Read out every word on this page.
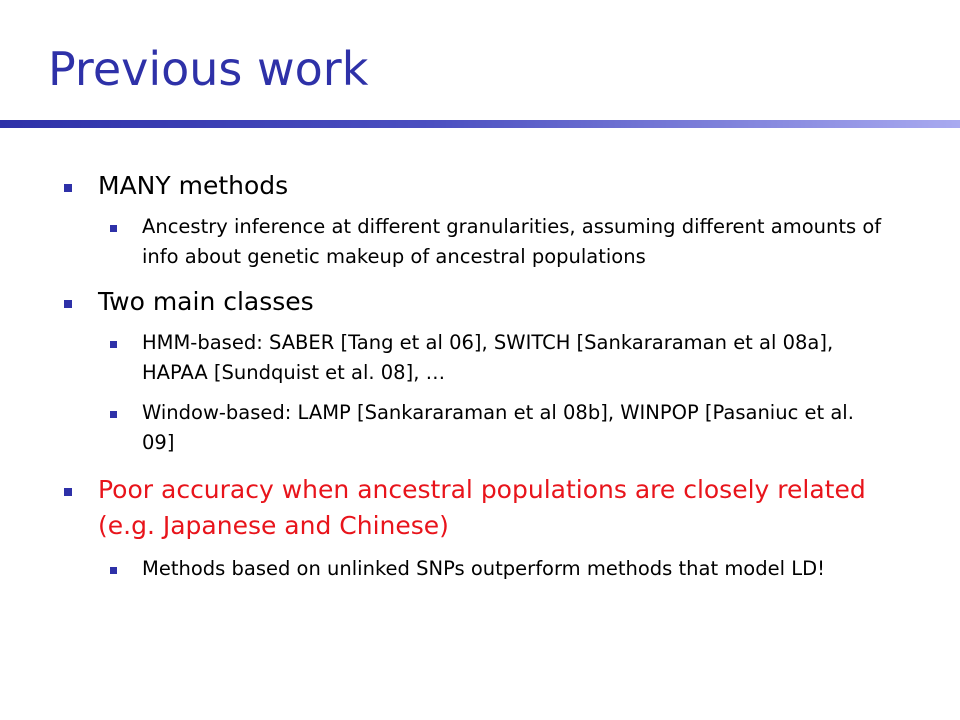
Previous work
MANY methods
Ancestry inference at different granularities, assuming different amounts of info about genetic makeup of ancestral populations
Two main classes
HMM-based: SABER [Tang et al 06], SWITCH [Sankararaman et al 08a], HAPAA [Sundquist et al. 08], …
Window-based: LAMP [Sankararaman et al 08b], WINPOP [Pasaniuc et al. 09]
Poor accuracy when ancestral populations are closely related (e.g. Japanese and Chinese)
Methods based on unlinked SNPs outperform methods that model LD!
